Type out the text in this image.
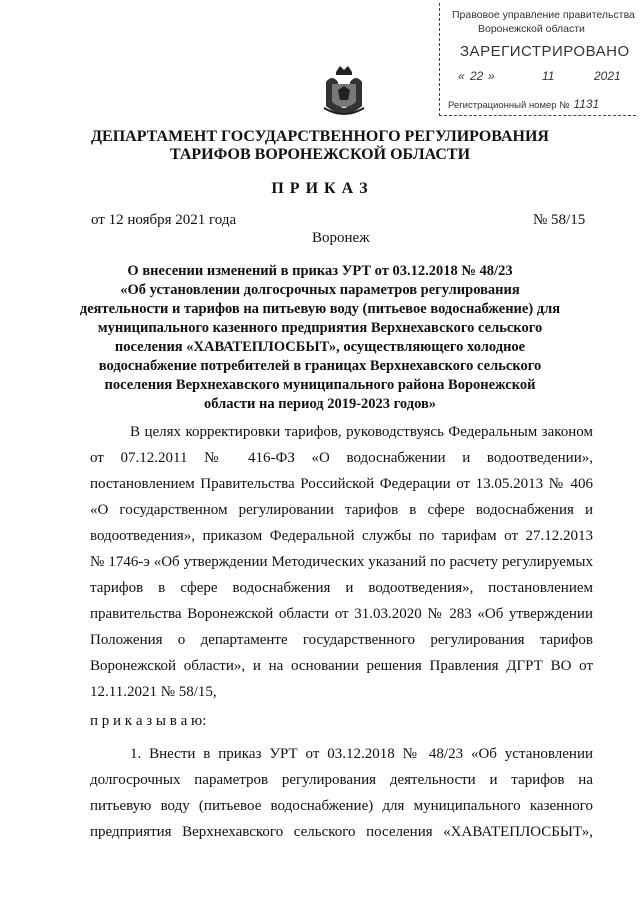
Правовое управление правительства
Воронежской области
ЗАРЕГИСТРИРОВАНО
« 22 »	11	2021
Регистрационный номер № 1131
ДЕПАРТАМЕНТ ГОСУДАРСТВЕННОГО РЕГУЛИРОВАНИЯ
ТАРИФОВ ВОРОНЕЖСКОЙ ОБЛАСТИ
П Р И К А З
от 12 ноября 2021 года	№ 58/15
Воронеж
О внесении изменений в приказ УРТ от 03.12.2018 № 48/23
«Об установлении долгосрочных параметров регулирования
деятельности и тарифов на питьевую воду (питьевое водоснабжение) для
муниципального казенного предприятия Верхнехавского сельского
поселения «ХАВАТЕПЛОСБЫТ», осуществляющего холодное
водоснабжение потребителей в границах Верхнехавского сельского
поселения Верхнехавского муниципального района Воронежской
области на период 2019-2023 годов»
В целях корректировки тарифов, руководствуясь Федеральным законом
от 07.12.2011 № 416-ФЗ «О водоснабжении и водоотведении»,
постановлением Правительства Российской Федерации от 13.05.2013 № 406
«О государственном регулировании тарифов в сфере водоснабжения и
водоотведения», приказом Федеральной службы по тарифам от 27.12.2013
№ 1746-э «Об утверждении Методических указаний по расчету регулируемых
тарифов в сфере водоснабжения и водоотведения», постановлением
правительства Воронежской области от 31.03.2020 № 283 «Об утверждении
Положения о департаменте государственного регулирования тарифов
Воронежской области», и на основании решения Правления ДГРТ ВО от
12.11.2021 № 58/15,
п р и к а з ы в а ю:
1. Внести в приказ УРТ от 03.12.2018 № 48/23 «Об установлении
долгосрочных параметров регулирования деятельности и тарифов на
питьевую воду (питьевое водоснабжение) для муниципального казенного
предприятия Верхнехавского сельского поселения «ХАВАТЕПЛОСБЫТ»,
